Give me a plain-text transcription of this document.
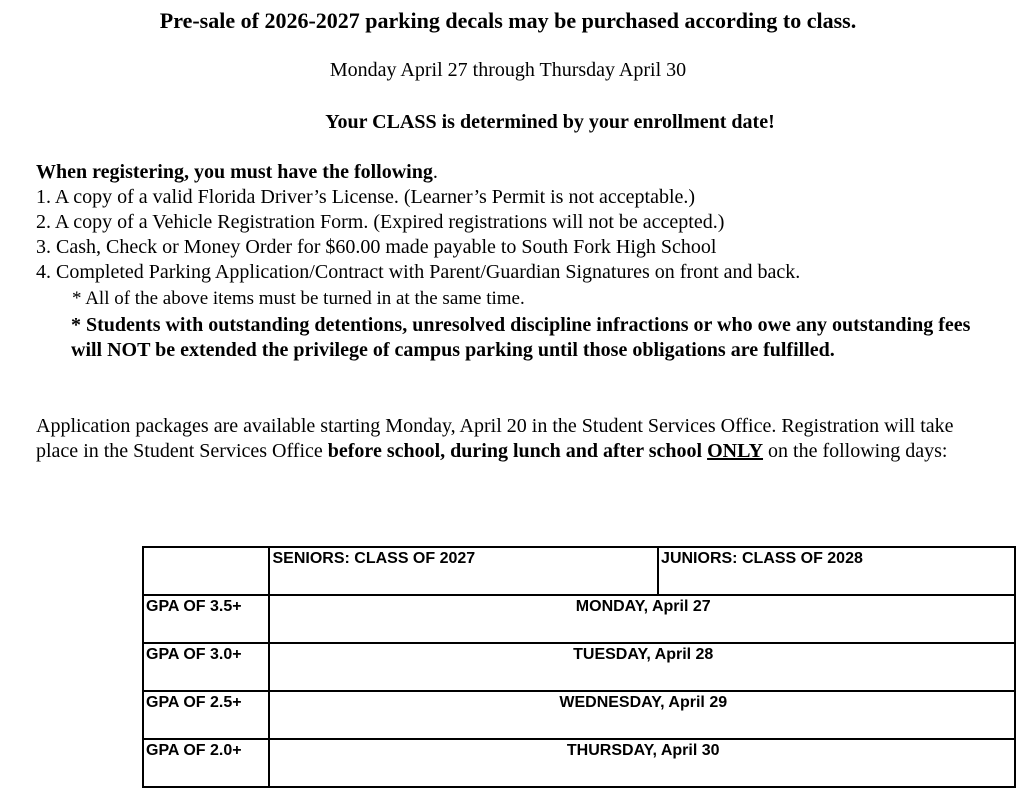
Pre-sale of 2026-2027 parking decals may be purchased according to class.
Monday April 27 through Thursday April 30
Your CLASS is determined by your enrollment date!
When registering, you must have the following.
1. A copy of a valid Florida Driver’s License. (Learner’s Permit is not acceptable.)
2. A copy of a Vehicle Registration Form. (Expired registrations will not be accepted.)
3. Cash, Check or Money Order for $60.00 made payable to South Fork High School
4. Completed Parking Application/Contract with Parent/Guardian Signatures on front and back.
* All of the above items must be turned in at the same time.
* Students with outstanding detentions, unresolved discipline infractions or who owe any outstanding fees will NOT be extended the privilege of campus parking until those obligations are fulfilled.
Application packages are available starting Monday, April 20 in the Student Services Office. Registration will take place in the Student Services Office before school, during lunch and after school ONLY on the following days:

	SENIORS: CLASS OF 2027	JUNIORS: CLASS OF 2028

GPA OF 3.5+	MONDAY, April 27	

GPA OF 3.0+	TUESDAY, April 28	

GPA OF 2.5+	WEDNESDAY, April 29	

GPA OF 2.0+	THURSDAY, April 30	
